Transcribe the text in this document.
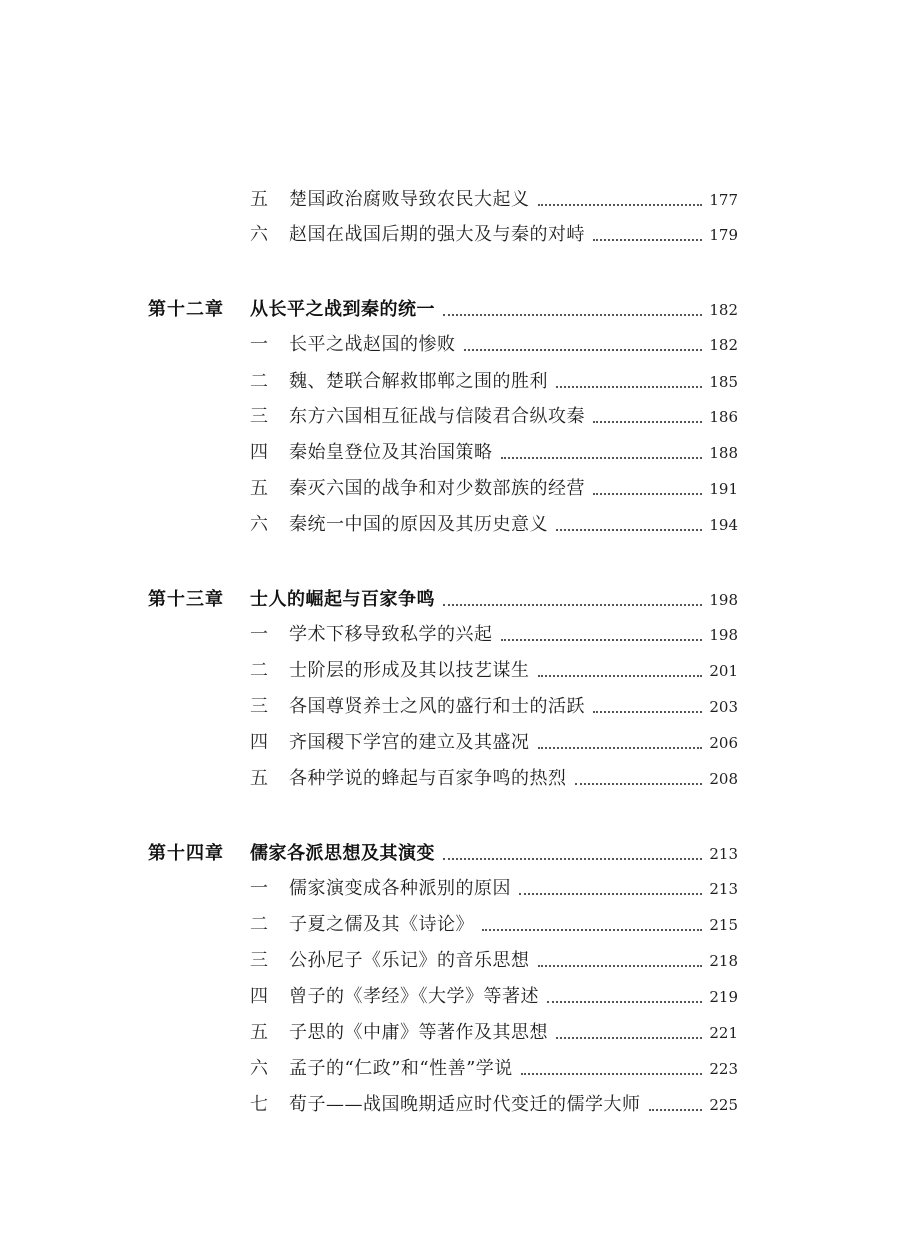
五 楚国政治腐败导致农民大起义	177
六 赵国在战国后期的强大及与秦的对峙	179
第十二章 从长平之战到秦的统一	182
一 长平之战赵国的惨败	182
二 魏、楚联合解救邯郸之围的胜利	185
三 东方六国相互征战与信陵君合纵攻秦	186
四 秦始皇登位及其治国策略	188
五 秦灭六国的战争和对少数部族的经营	191
六 秦统一中国的原因及其历史意义	194
第十三章 士人的崛起与百家争鸣	198
一 学术下移导致私学的兴起	198
二 士阶层的形成及其以技艺谋生	201
三 各国尊贤养士之风的盛行和士的活跃	203
四 齐国稷下学宫的建立及其盛况	206
五 各种学说的蜂起与百家争鸣的热烈	208
第十四章 儒家各派思想及其演变	213
一 儒家演变成各种派别的原因	213
二 子夏之儒及其《诗论》	215
三 公孙尼子《乐记》的音乐思想	218
四 曾子的《孝经》《大学》等著述	219
五 子思的《中庸》等著作及其思想	221
六 孟子的“仁政”和“性善”学说	223
七 荀子——战国晚期适应时代变迁的儒学大师	225
